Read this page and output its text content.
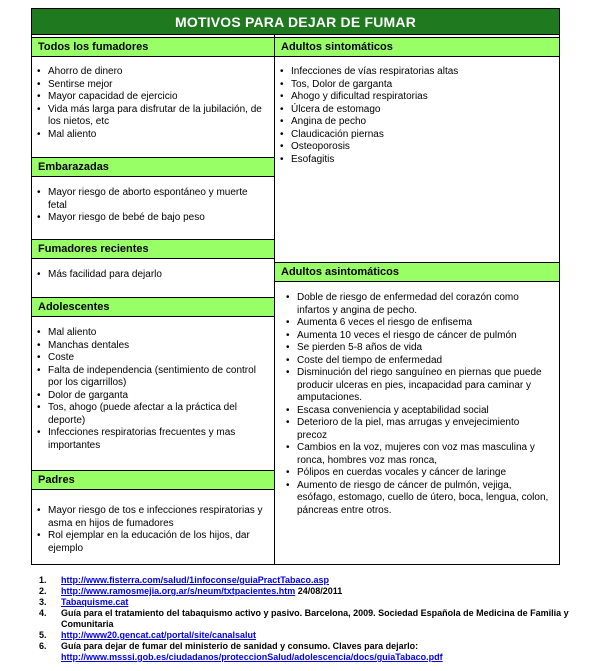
MOTIVOS PARA DEJAR DE FUMAR
Todos los fumadores
• Ahorro de dinero
• Sentirse mejor
• Mayor capacidad de ejercicio
• Vida más larga para disfrutar de la jubilación, de los nietos, etc
• Mal aliento
Embarazadas
• Mayor riesgo de aborto espontáneo y muerte fetal
• Mayor riesgo de bebé de bajo peso
Fumadores recientes
• Más facilidad para dejarlo
Adolescentes
• Mal aliento
• Manchas dentales
• Coste
• Falta de independencia (sentimiento de control por los cigarrillos)
• Dolor de garganta
• Tos, ahogo (puede afectar a la práctica del deporte)
• Infecciones respiratorias frecuentes y mas importantes
Padres
• Mayor riesgo de tos e infecciones respiratorias y asma en hijos de fumadores
• Rol ejemplar en la educación de los hijos, dar ejemplo
Adultos sintomáticos
• Infecciones de vías respiratorias altas
• Tos, Dolor de garganta
• Ahogo y dificultad respiratorias
• Úlcera de estomago
• Angina de pecho
• Claudicación piernas
• Osteoporosis
• Esofagitis
Adultos asintomáticos
• Doble de riesgo de enfermedad del corazón como infartos y angina de pecho.
• Aumenta 6 veces el riesgo de enfisema
• Aumenta 10 veces el riesgo de cáncer de pulmón
• Se pierden 5-8 años de vida
• Coste del tiempo de enfermedad
• Disminución del riego sanguíneo en piernas que puede producir ulceras en pies, incapacidad para caminar y amputaciones.
• Escasa conveniencia y aceptabilidad social
• Deterioro de la piel, mas arrugas y envejecimiento precoz
• Cambios en la voz, mujeres con voz mas masculina y ronca, hombres voz mas ronca,
• Pólipos en cuerdas vocales y cáncer de laringe
• Aumento de riesgo de cáncer de pulmón, vejiga, esófago, estomago, cuello de útero, boca, lengua, colon, páncreas entre otros.
1. http://www.fisterra.com/salud/1infoconse/guiaPractTabaco.asp
2. http://www.ramosmejia.org.ar/s/neum/txtpacientes.htm 24/08/2011
3. Tabaquisme.cat
4. Guía para el tratamiento del tabaquismo activo y pasivo. Barcelona, 2009. Sociedad Española de Medicina de Familia y Comunitaria
5. http://www20.gencat.cat/portal/site/canalsalut
6. Guía para dejar de fumar del ministerio de sanidad y consumo. Claves para dejarlo:
http://www.msssi.gob.es/ciudadanos/proteccionSalud/adolescencia/docs/guiaTabaco.pdf
